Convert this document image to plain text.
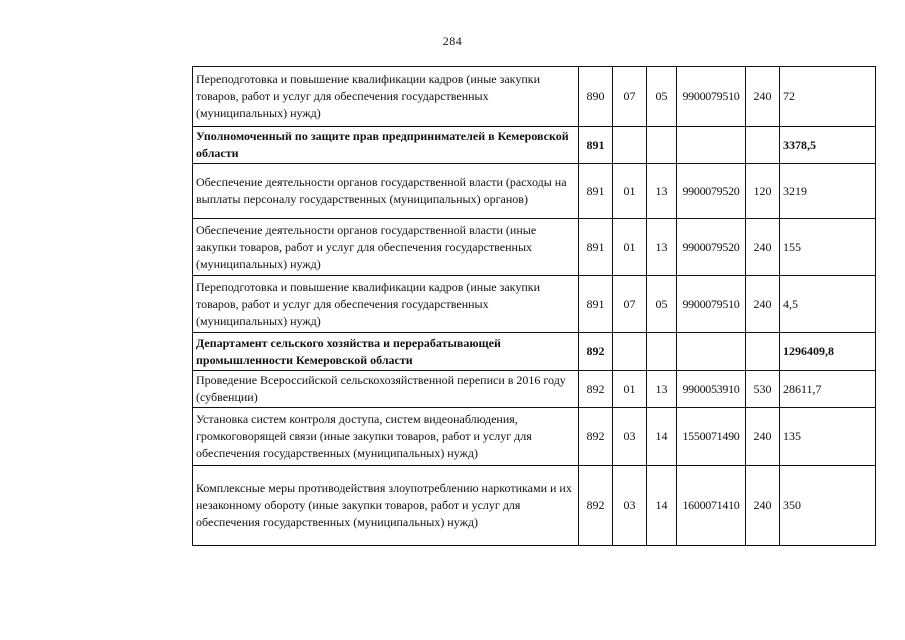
284
Переподготовка и повышение квалификации кадров (иные закупки товаров, работ и услуг для обеспечения государственных (муниципальных) нужд)	890	07	05	9900079510	240	72
Уполномоченный по защите прав предпринимателей в Кемеровской области	891					3378,5
Обеспечение деятельности органов государственной власти (расходы на выплаты персоналу государственных (муниципальных) органов)	891	01	13	9900079520	120	3219
Обеспечение деятельности органов государственной власти (иные закупки товаров, работ и услуг для обеспечения государственных (муниципальных) нужд)	891	01	13	9900079520	240	155
Переподготовка и повышение квалификации кадров (иные закупки товаров, работ и услуг для обеспечения государственных (муниципальных) нужд)	891	07	05	9900079510	240	4,5
Департамент сельского хозяйства и перерабатывающей промышленности Кемеровской области	892					1296409,8
Проведение Всероссийской сельскохозяйственной переписи в 2016 году (субвенции)	892	01	13	9900053910	530	28611,7
Установка систем контроля доступа, систем видеонаблюдения, громкоговорящей связи (иные закупки товаров, работ и услуг для обеспечения государственных (муниципальных) нужд)	892	03	14	1550071490	240	135
Комплексные меры противодействия злоупотреблению наркотиками и их незаконному обороту (иные закупки товаров, работ и услуг для обеспечения государственных (муниципальных) нужд)	892	03	14	1600071410	240	350
